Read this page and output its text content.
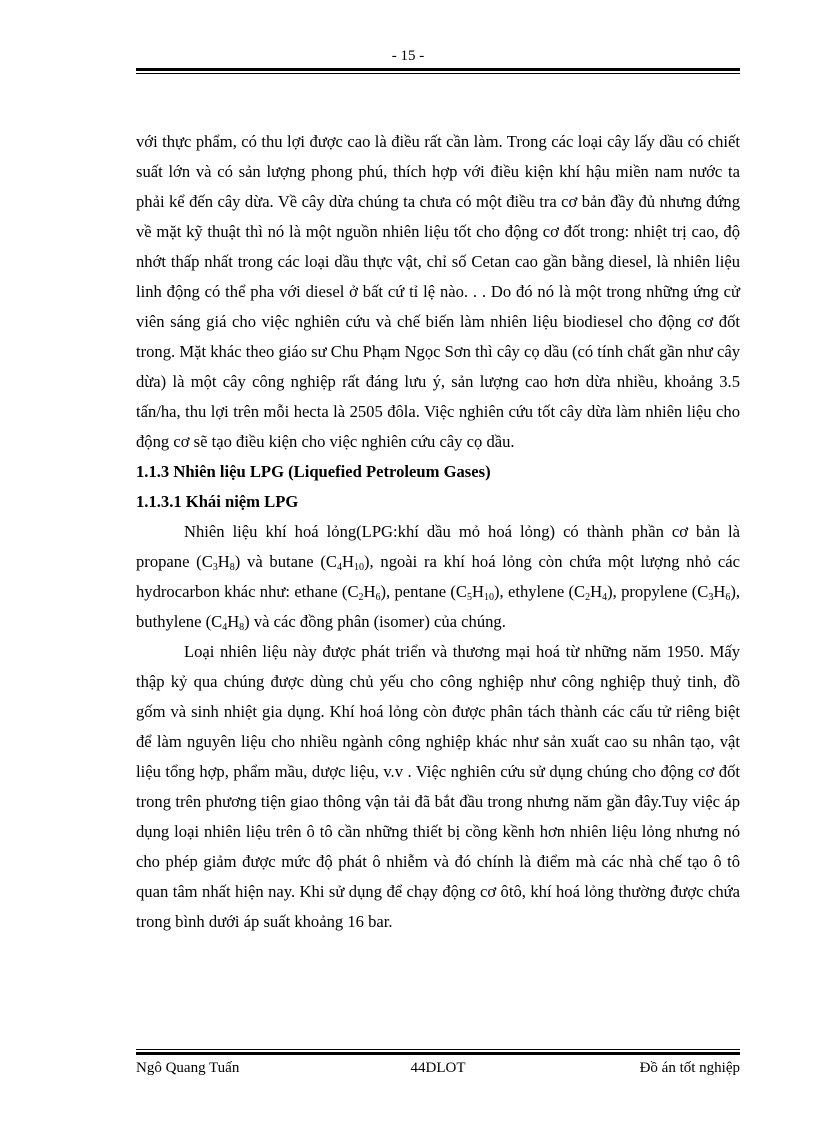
- 15 -

với thực phẩm, có thu lợi được cao là điều rất cần làm. Trong các loại cây lấy dầu có chiết suất lớn và có sản lượng phong phú, thích hợp với điều kiện khí hậu miền nam nước ta phải kể đến cây dừa. Về cây dừa chúng ta chưa có một điều tra cơ bản đầy đủ nhưng đứng về mặt kỹ thuật thì nó là một nguồn nhiên liệu tốt cho động cơ đốt trong: nhiệt trị cao, độ nhớt thấp nhất trong các loại dầu thực vật, chỉ số Cetan cao gần bằng diesel, là nhiên liệu linh động có thể pha với diesel ở bất cứ tỉ lệ nào. . . Do đó nó là một trong những ứng cử viên sáng giá cho việc nghiên cứu và chế biến làm nhiên liệu biodiesel cho động cơ đốt trong. Mặt khác theo giáo sư Chu Phạm Ngọc Sơn thì cây cọ dầu (có tính chất gần như cây dừa) là một cây công nghiệp rất đáng lưu ý, sản lượng cao hơn dừa nhiều, khoảng 3.5 tấn/ha, thu lợi trên mỗi hecta là 2505 đôla. Việc nghiên cứu tốt cây dừa làm nhiên liệu cho động cơ sẽ tạo điều kiện cho việc nghiên cứu cây cọ dầu.

1.1.3 Nhiên liệu LPG (Liquefied Petroleum Gases)
1.1.3.1 Khái niệm LPG

Nhiên liệu khí hoá lỏng(LPG:khí dầu mỏ hoá lỏng) có thành phần cơ bản là propane $(C_3H_8)$ và butane $(C_4H_{10})$, ngoài ra khí hoá lỏng còn chứa một lượng nhỏ các hydrocarbon khác như: ethane $(C_2H_6)$, pentane $(C_5H_{10})$, ethylene $(C_2H_4)$, propylene $(C_3H_6)$, buthylene $(C_4H_8)$ và các đồng phân (isomer) của chúng.

Loại nhiên liệu này được phát triển và thương mại hoá từ những năm 1950. Mấy thập kỷ qua chúng được dùng chủ yếu cho công nghiệp như công nghiệp thuỷ tinh, đồ gốm và sinh nhiệt gia dụng. Khí hoá lỏng còn được phân tách thành các cấu tử riêng biệt để làm nguyên liệu cho nhiều ngành công nghiệp khác như sản xuất cao su nhân tạo, vật liệu tổng hợp, phẩm mầu, dược liệu, v.v . Việc nghiên cứu sử dụng chúng cho động cơ đốt trong trên phương tiện giao thông vận tải đã bắt đầu trong nhưng năm gần đây.Tuy việc áp dụng loại nhiên liệu trên ô tô cần những thiết bị cồng kềnh hơn nhiên liệu lỏng nhưng nó cho phép giảm được mức độ phát ô nhiễm và đó chính là điểm mà các nhà chế tạo ô tô quan tâm nhất hiện nay. Khi sử dụng để chạy động cơ ôtô, khí hoá lỏng thường được chứa trong bình dưới áp suất khoảng 16 bar.

44DLOT
Ngô Quang Tuấn	Đồ án tốt nghiệp
